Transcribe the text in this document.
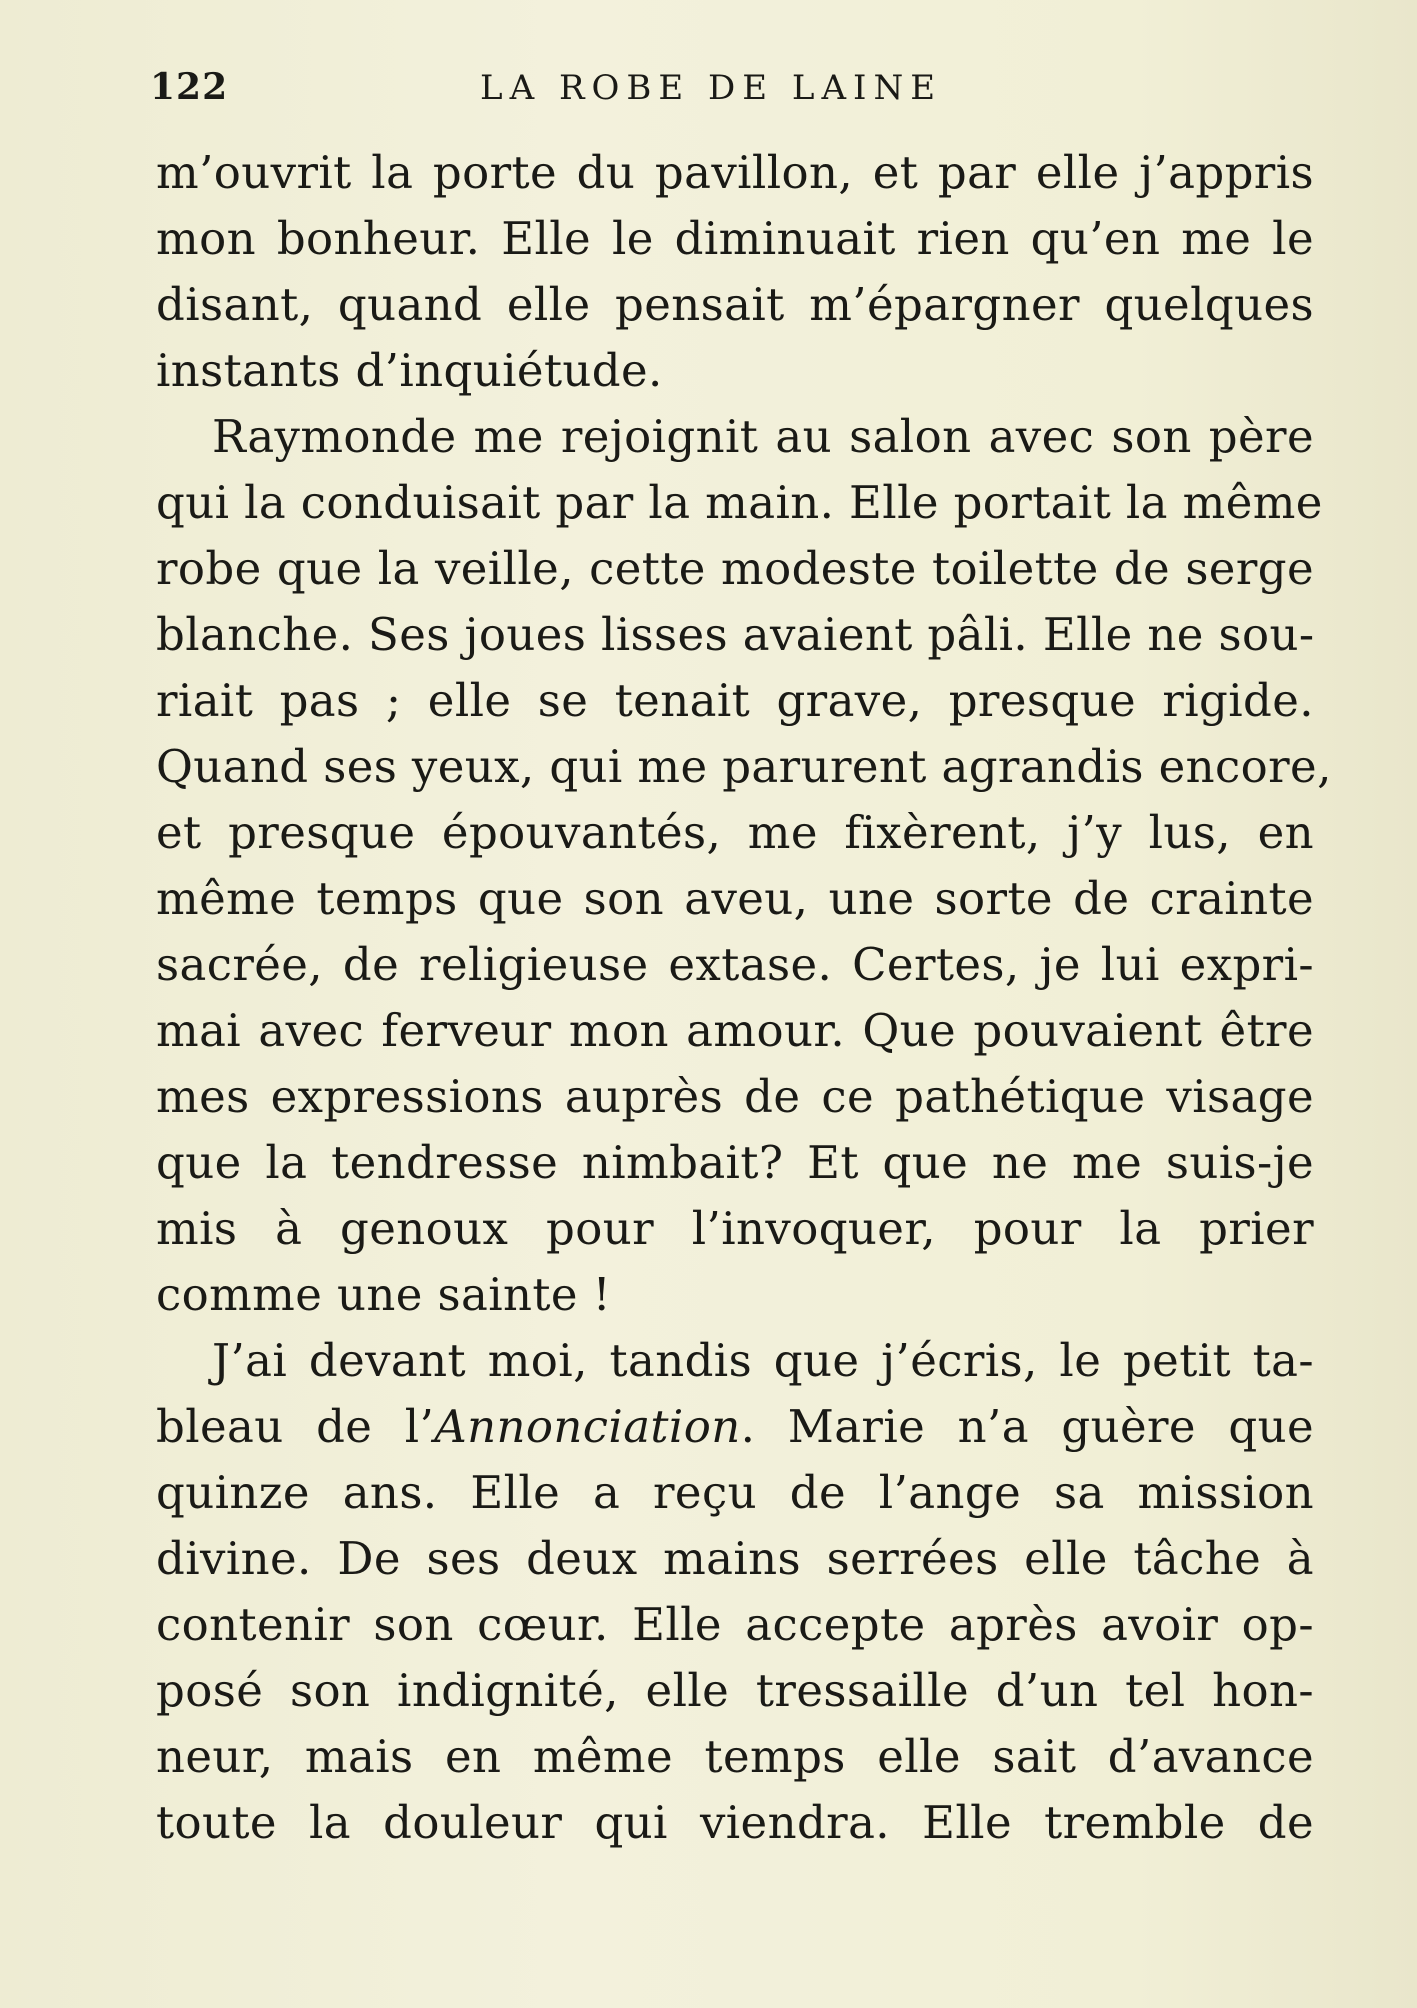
122	LA ROBE DE LAINE
m’ouvrit la porte du pavillon, et par elle j’appris
mon bonheur. Elle le diminuait rien qu’en me le
disant, quand elle pensait m’épargner quelques
instants d’inquiétude.
Raymonde me rejoignit au salon avec son père
qui la conduisait par la main. Elle portait la même
robe que la veille, cette modeste toilette de serge
blanche. Ses joues lisses avaient pâli. Elle ne sou-
riait pas ; elle se tenait grave, presque rigide.
Quand ses yeux, qui me parurent agrandis encore,
et presque épouvantés, me fixèrent, j’y lus, en
même temps que son aveu, une sorte de crainte
sacrée, de religieuse extase. Certes, je lui expri-
mai avec ferveur mon amour. Que pouvaient être
mes expressions auprès de ce pathétique visage
que la tendresse nimbait? Et que ne me suis-je
mis à genoux pour l’invoquer, pour la prier
comme une sainte !
J’ai devant moi, tandis que j’écris, le petit ta-
bleau de l’Annonciation. Marie n’a guère que
quinze ans. Elle a reçu de l’ange sa mission
divine. De ses deux mains serrées elle tâche à
contenir son cœur. Elle accepte après avoir op-
posé son indignité, elle tressaille d’un tel hon-
neur, mais en même temps elle sait d’avance
toute la douleur qui viendra. Elle tremble de
